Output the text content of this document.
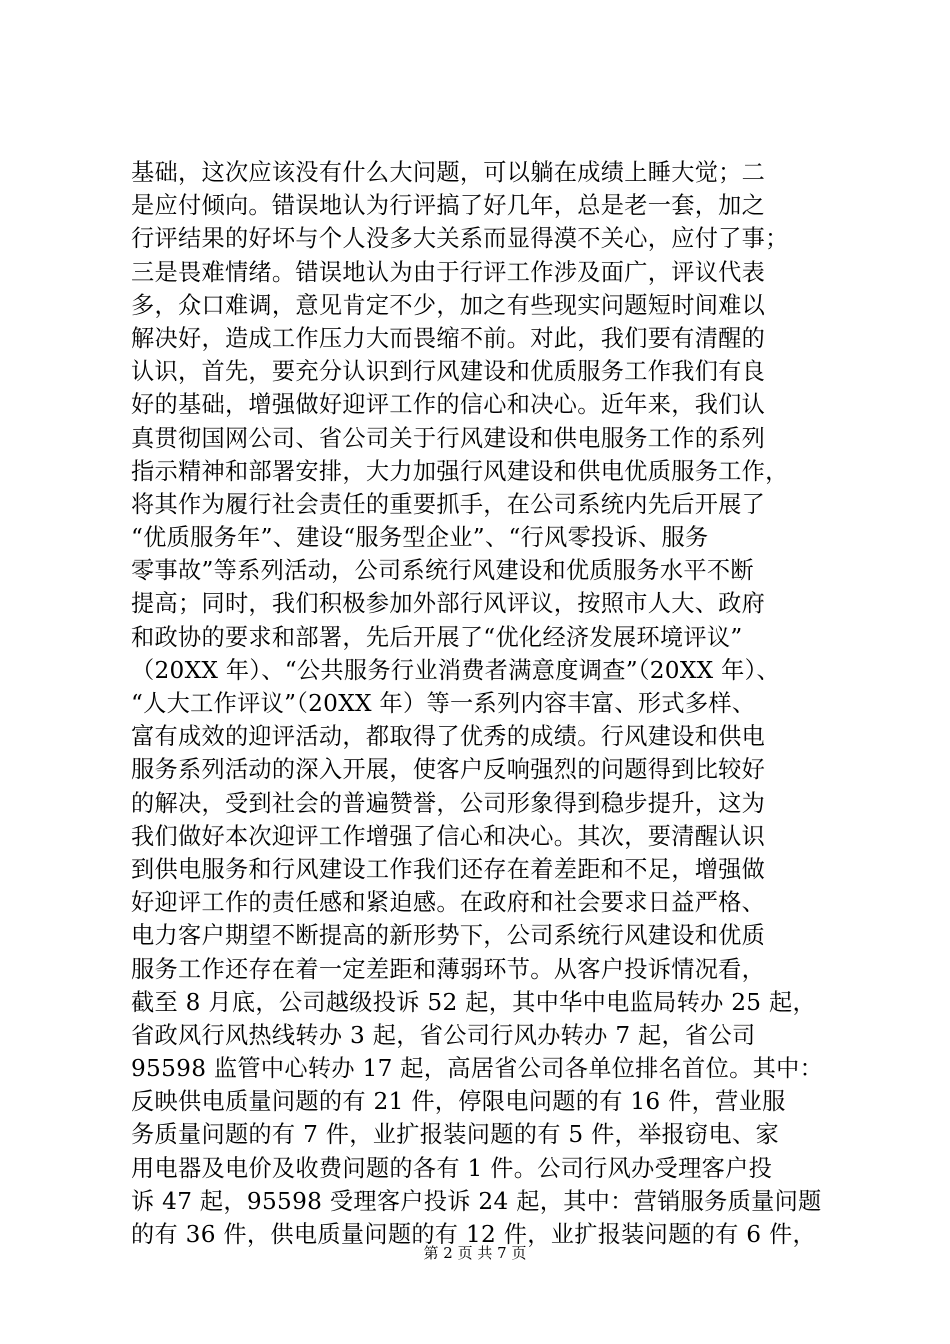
基础，这次应该没有什么大问题，可以躺在成绩上睡大觉；二
是应付倾向。错误地认为行评搞了好几年，总是老一套，加之
行评结果的好坏与个人没多大关系而显得漠不关心，应付了事；
三是畏难情绪。错误地认为由于行评工作涉及面广，评议代表
多，众口难调，意见肯定不少，加之有些现实问题短时间难以
解决好，造成工作压力大而畏缩不前。对此，我们要有清醒的
认识，首先，要充分认识到行风建设和优质服务工作我们有良
好的基础，增强做好迎评工作的信心和决心。近年来，我们认
真贯彻国网公司、省公司关于行风建设和供电服务工作的系列
指示精神和部署安排，大力加强行风建设和供电优质服务工作，
将其作为履行社会责任的重要抓手，在公司系统内先后开展了
“优质服务年”、建设“服务型企业”、“行风零投诉、服务
零事故”等系列活动，公司系统行风建设和优质服务水平不断
提高；同时，我们积极参加外部行风评议，按照市人大、政府
和政协的要求和部署，先后开展了“优化经济发展环境评议”
（20XX 年）、“公共服务行业消费者满意度调查”（20XX 年）、
“人大工作评议”（20XX 年）等一系列内容丰富、形式多样、
富有成效的迎评活动，都取得了优秀的成绩。行风建设和供电
服务系列活动的深入开展，使客户反响强烈的问题得到比较好
的解决，受到社会的普遍赞誉，公司形象得到稳步提升，这为
我们做好本次迎评工作增强了信心和决心。其次，要清醒认识
到供电服务和行风建设工作我们还存在着差距和不足，增强做
好迎评工作的责任感和紧迫感。在政府和社会要求日益严格、
电力客户期望不断提高的新形势下，公司系统行风建设和优质
服务工作还存在着一定差距和薄弱环节。从客户投诉情况看，
截至 8 月底，公司越级投诉 52 起，其中华中电监局转办 25 起，
省政风行风热线转办 3 起，省公司行风办转办 7 起，省公司
95598 监管中心转办 17 起，高居省公司各单位排名首位。其中：
反映供电质量问题的有 21 件，停限电问题的有 16 件，营业服
务质量问题的有 7 件，业扩报装问题的有 5 件，举报窃电、家
用电器及电价及收费问题的各有 1 件。公司行风办受理客户投
诉 47 起，95598 受理客户投诉 24 起，其中：营销服务质量问题
的有 36 件，供电质量问题的有 12 件，业扩报装问题的有 6 件，
第 2 页 共 7 页
